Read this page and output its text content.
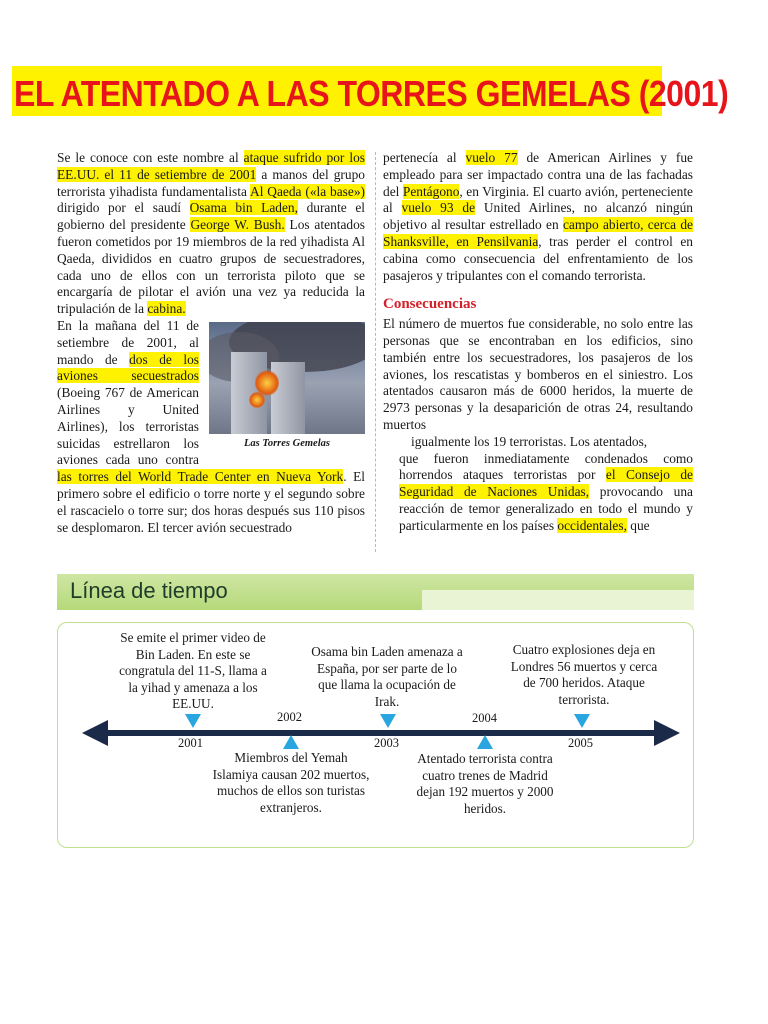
EL ATENTADO A LAS TORRES GEMELAS (2001)

Se le conoce con este nombre al ataque sufrido por los EE.UU. el 11 de setiembre de 2001 a manos del grupo terrorista yihadista fundamentalista Al Qaeda («la base») dirigido por el saudí Osama bin Laden, durante el gobierno del presidente George W. Bush. Los atentados fueron cometidos por 19 miembros de la red yihadista Al Qaeda, divididos en cuatro grupos de secuestradores, cada uno de ellos con un terrorista piloto que se encargaría de pilotar el avión una vez ya reducida la tripulación de la cabina.

Las Torres Gemelas

En la mañana del 11 de setiembre de 2001, al mando de dos de los aviones secuestrados (Boeing 767 de American Airlines y United Airlines), los terroristas suicidas estrellaron los aviones cada uno contra las torres del World Trade Center en Nueva York. El primero sobre el edificio o torre norte y el segundo sobre el rascacielo o torre sur; dos horas después sus 110 pisos se desplomaron. El tercer avión secuestrado

pertenecía al vuelo 77 de American Airlines y fue empleado para ser impactado contra una de las fachadas del Pentágono, en Virginia. El cuarto avión, perteneciente al vuelo 93 de United Airlines, no alcanzó ningún objetivo al resultar estrellado en campo abierto, cerca de Shanksville, en Pensilvania, tras perder el control en cabina como consecuencia del enfrentamiento de los pasajeros y tripulantes con el comando terrorista.

Consecuencias

El número de muertos fue considerable, no solo entre las personas que se encontraban en los edificios, sino también entre los secuestradores, los pasajeros de los aviones, los rescatistas y bomberos en el siniestro. Los atentados causaron más de 6000 heridos, la muerte de 2973 personas y la desaparición de otras 24, resultando muertos

igualmente los 19 terroristas. Los atentados,

que fueron inmediatamente condenados como horrendos ataques terroristas por el Consejo de Seguridad de Naciones Unidas, provocando una reacción de temor generalizado en todo el mundo y particularmente en los países occidentales, que

Línea de tiempo
2001
2002
2003
2004
2005
Se emite el primer video de Bin Laden. En este se congratula del 11-S, llama a la yihad y amenaza a los EE.UU.
Miembros del Yemah Islamiya causan 202 muertos, muchos de ellos son turistas extranjeros.
Osama bin Laden amenaza a España, por ser parte de lo que llama la ocupación de Irak.
Atentado terrorista contra cuatro trenes de Madrid dejan 192 muertos y 2000 heridos.
Cuatro explosiones deja en Londres 56 muertos y cerca de 700 heridos. Ataque terrorista.
